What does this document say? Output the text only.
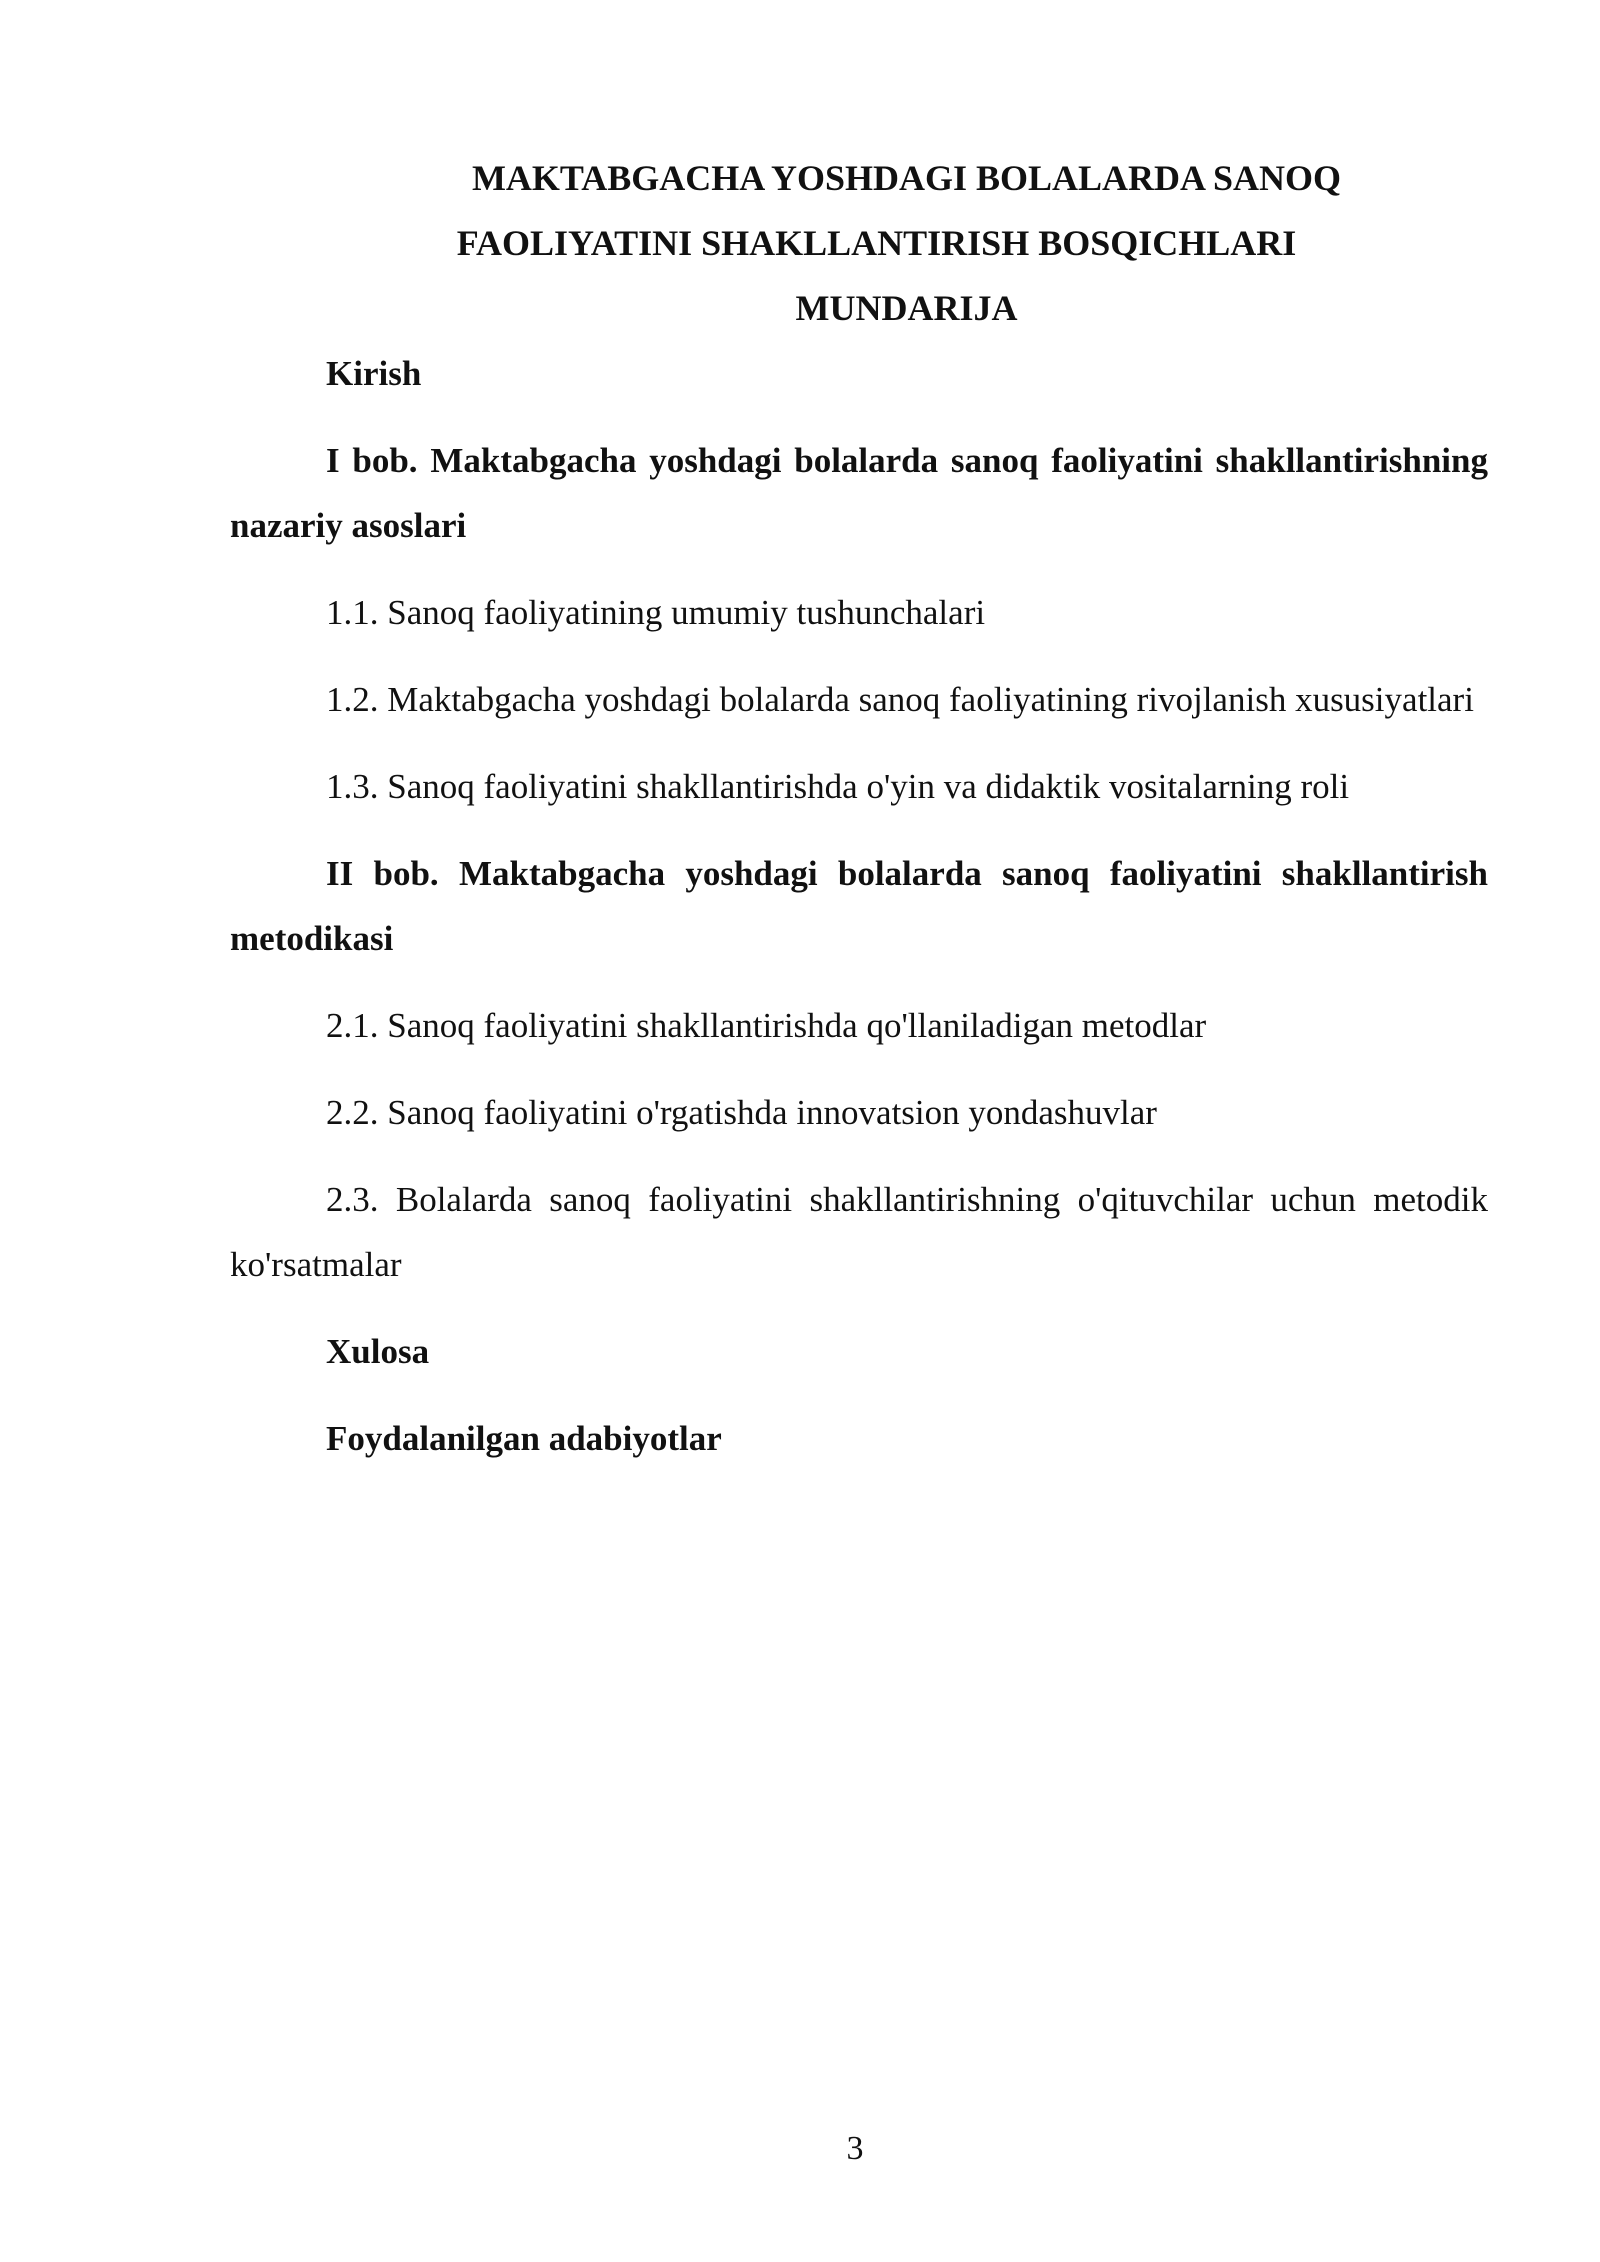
MAKTABGACHA YOSHDAGI BOLALARDA SANOQ

FAOLIYATINI SHAKLLANTIRISH BOSQICHLARI

MUNDARIJA

Kirish

I bob. Maktabgacha yoshdagi bolalarda sanoq faoliyatini shakllantirishning nazariy asoslari

1.1. Sanoq faoliyatining umumiy tushunchalari

1.2. Maktabgacha yoshdagi bolalarda sanoq faoliyatining rivojlanish xususiyatlari

1.3. Sanoq faoliyatini shakllantirishda o'yin va didaktik vositalarning roli

II bob. Maktabgacha yoshdagi bolalarda sanoq faoliyatini shakllantirish metodikasi

2.1. Sanoq faoliyatini shakllantirishda qo'llaniladigan metodlar

2.2. Sanoq faoliyatini o'rgatishda innovatsion yondashuvlar

2.3. Bolalarda sanoq faoliyatini shakllantirishning o'qituvchilar uchun metodik ko'rsatmalar

Xulosa

Foydalanilgan adabiyotlar

3
